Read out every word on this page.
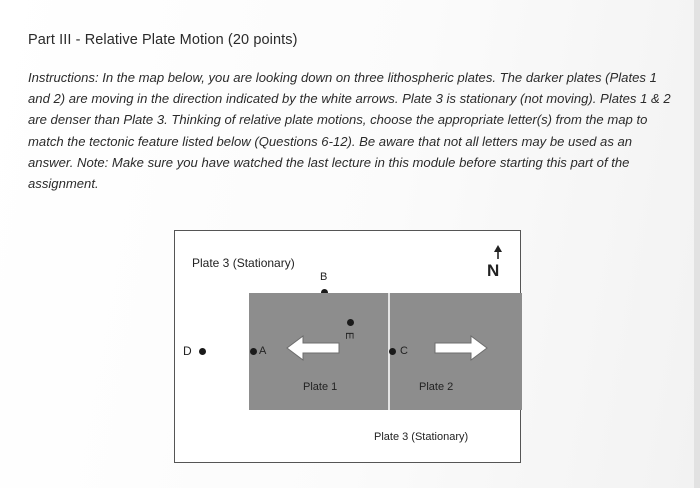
Part III - Relative Plate Motion (20 points)
Instructions: In the map below, you are looking down on three lithospheric plates. The darker plates (Plates 1 and 2) are moving in the direction indicated by the white arrows. Plate 3 is stationary (not moving). Plates 1 & 2 are denser than Plate 3. Thinking of relative plate motions, choose the appropriate letter(s) from the map to match the tectonic feature listed below (Questions 6-12). Be aware that not all letters may be used as an answer. Note: Make sure you have watched the last lecture in this module before starting this part of the assignment.
Plate 3 (Stationary)	N
B
E
D	A	C
Plate 1	Plate 2
Plate 3 (Stationary)
